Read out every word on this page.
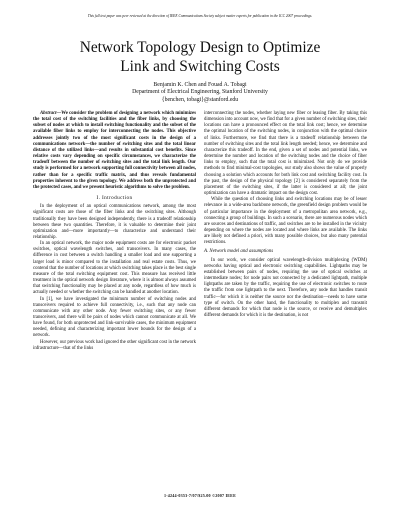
This full text paper was peer reviewed at the direction of IEEE Communications Society subject matter experts for publication in the ICC 2007 proceedings.
Network Topology Design to Optimize
Link and Switching Costs
Benjamin K. Chen and Fouad A. Tobagi
Department of Electrical Engineering, Stanford University
{benchen, tobagi}@stanford.edu

Abstract—We consider the problem of designing a network which minimizes the total cost of the switching facilities and the fiber links, by choosing the subset of nodes at which to install switching functionality and the subset of the available fiber links to employ for interconnecting the nodes. This objective addresses jointly two of the most significant costs in the design of a communications network—the number of switching sites and the total linear distance of the utilized links—and results in substantial cost benefits. Since relative costs vary depending on specific circumstances, we characterize the tradeoff between the number of switching sites and the total link length. Our study is performed for a network supporting full connectivity between all nodes, rather than for a specific traffic matrix, and thus reveals fundamental properties inherent to the given topology. We address both the unprotected and the protected cases, and we present heuristic algorithms to solve the problem.

I. Introduction

In the deployment of an optical communications network, among the most significant costs are those of the fiber links and the switching sites. Although traditionally they have been designed independently, there is a tradeoff relationship between these two quantities. Therefore, it is valuable to determine their joint optimization and—more importantly—to characterize and understand their relationship.

In an optical network, the major node equipment costs are for electronic packet switches, optical wavelength switches, and transceivers. In many cases, the difference in cost between a switch handling a smaller load and one supporting a larger load is minor compared to the installation and real estate costs. Thus, we contend that the number of locations at which switching takes place is the best single measure of the total switching equipment cost. This measure has received little treatment in the optical network design literature, where it is almost always assumed that switching functionality may be placed at any node, regardless of how much is actually needed or whether the switching can be handled at another location.

In [1], we have investigated the minimum number of switching nodes and transceivers required to achieve full connectivity, i.e., such that any node can communicate with any other node. Any fewer switching sites, or any fewer transceivers, and there will be pairs of nodes which cannot communicate at all. We have found, for both unprotected and link-survivable cases, the minimum equipment needed, defining and characterizing important lower bounds for the design of a network.

However, our previous work had ignored the other significant cost in the network infrastructure—that of the links

interconnecting the nodes, whether laying new fiber or leasing fiber. By taking this dimension into account now, we find that for a given number of switching sites, their locations can have a pronounced effect on the total link cost; hence, we determine the optimal location of the switching nodes, in conjunction with the optimal choice of links. Furthermore, we find that there is a tradeoff relationship between the number of switching sites and the total link length needed; hence, we determine and characterize this tradeoff. In the end, given a set of nodes and potential links, we determine the number and location of the switching nodes and the choice of fiber links to employ, such that the total cost is minimized. Not only do we provide methods to find minimal-cost topologies, our study also shows the value of properly choosing a solution which accounts for both link cost and switching facility cost. In the past, the design of the physical topology [2] is considered separately from the placement of the switching sites, if the latter is considered at all; the joint optimization can have a dramatic impact on the design cost.

While the question of choosing links and switching locations may be of lesser relevance in a wide-area backbone network, the greenfield design problem would be of particular importance in the deployment of a metropolitan area network, e.g., connecting a group of buildings. In such a scenario, there are numerous nodes which are sources and destinations of traffic, and switches are to be installed in the vicinity depending on where the nodes are located and where links are available. The links are likely not defined a priori, with many possible choices, but also many potential restrictions.

A. Network model and assumptions

In our work, we consider optical wavelength-division multiplexing (WDM) networks having optical and electronic switching capabilities. Lightpaths may be established between pairs of nodes, requiring the use of optical switches at intermediate nodes; for node pairs not connected by a dedicated lightpath, multiple lightpaths are taken by the traffic, requiring the use of electronic switches to route the traffic from one lightpath to the next. Therefore, any node that handles transit traffic—for which it is neither the source nor the destination—needs to have some type of switch. On the other hand, the functionality to multiplex and transmit different demands for which that node is the source, or receive and demultiplex different demands for which it is the destination, is not

1-4244-0353-7/07/$25.00 ©2007 IEEE
